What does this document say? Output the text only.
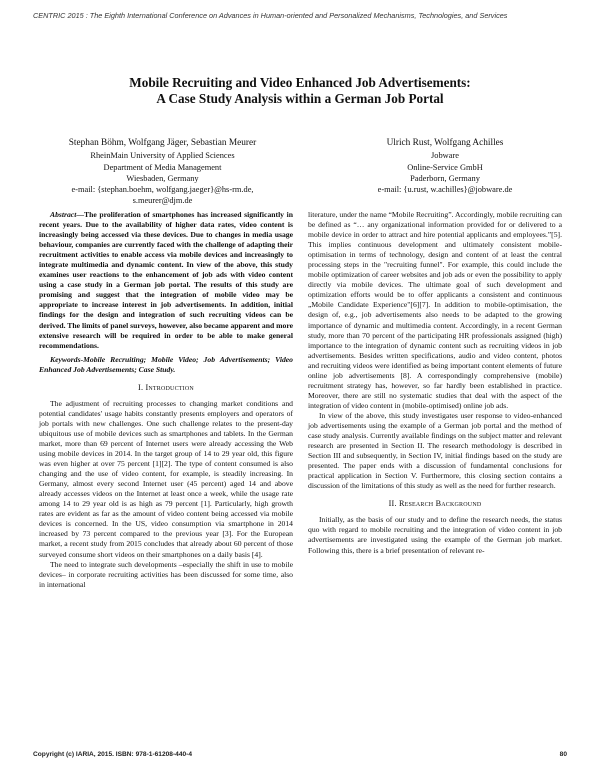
CENTRIC 2015 : The Eighth International Conference on Advances in Human-oriented and Personalized Mechanisms, Technologies, and Services
Mobile Recruiting and Video Enhanced Job Advertisements:
A Case Study Analysis within a German Job Portal
Stephan Böhm, Wolfgang Jäger, Sebastian Meurer
RheinMain University of Applied Sciences
Department of Media Management
Wiesbaden, Germany
e-mail: {stephan.boehm, wolfgang.jaeger}@hs-rm.de,
s.meurer@djm.de
Ulrich Rust, Wolfgang Achilles
Jobware
Online-Service GmbH
Paderborn, Germany
e-mail: {u.rust, w.achilles}@jobware.de

Abstract—The proliferation of smartphones has increased significantly in recent years. Due to the availability of higher data rates, video content is increasingly being accessed via these devices. Due to changes in media usage behaviour, companies are currently faced with the challenge of adapting their recruitment activities to enable access via mobile devices and increasingly to integrate multimedia and dynamic content. In view of the above, this study examines user reactions to the enhancement of job ads with video content using a case study in a German job portal. The results of this study are promising and suggest that the integration of mobile video may be appropriate to increase interest in job advertisements. In addition, initial findings for the design and integration of such recruiting videos can be derived. The limits of panel surveys, however, also became apparent and more extensive research will be required in order to be able to make general recommendations.

Keywords-Mobile Recruiting; Mobile Video; Job Advertisements; Video Enhanced Job Advertisements; Case Study.

I. Introduction

The adjustment of recruiting processes to changing market conditions and potential candidates' usage habits constantly presents employers and operators of job portals with new challenges. One such challenge relates to the present-day ubiquitous use of mobile devices such as smartphones and tablets. In the German market, more than 69 percent of Internet users were already accessing the Web using mobile devices in 2014. In the target group of 14 to 29 year old, this figure was even higher at over 75 percent [1][2]. The type of content consumed is also changing and the use of video content, for example, is steadily increasing. In Germany, almost every second Internet user (45 percent) aged 14 and above already accesses videos on the Internet at least once a week, while the usage rate among 14 to 29 year old is as high as 79 percent [1]. Particularly, high growth rates are evident as far as the amount of video content being accessed via mobile devices is concerned. In the US, video consumption via smartphone in 2014 increased by 73 percent compared to the previous year [3]. For the European market, a recent study from 2015 concludes that already about 60 percent of those surveyed consume short videos on their smartphones on a daily basis [4].

The need to integrate such developments –especially the shift in use to mobile devices– in corporate recruiting activities has been discussed for some time, also in international

literature, under the name “Mobile Recruiting”. Accordingly, mobile recruiting can be defined as “… any organizational information provided for or delivered to a mobile device in order to attract and hire potential applicants and employees.”[5]. This implies continuous development and ultimately consistent mobile-optimisation in terms of technology, design and content of at least the central processing steps in the "recruiting funnel". For example, this could include the mobile optimization of career websites and job ads or even the possibility to apply directly via mobile devices. The ultimate goal of such development and optimization efforts would be to offer applicants a consistent and continuous „Mobile Candidate Experience"[6][7]. In addition to mobile-optimisation, the design of, e.g., job advertisements also needs to be adapted to the growing importance of dynamic and multimedia content. Accordingly, in a recent German study, more than 70 percent of the participating HR professionals assigned (high) importance to the integration of dynamic content such as recruiting videos in job advertisements. Besides written specifications, audio and video content, photos and recruiting videos were identified as being important content elements of future online job advertisements [8]. A correspondingly comprehensive (mobile) recruitment strategy has, however, so far hardly been established in practice. Moreover, there are still no systematic studies that deal with the aspect of the integration of video content in (mobile-optimised) online job ads.

In view of the above, this study investigates user response to video-enhanced job advertisements using the example of a German job portal and the method of case study analysis. Currently available findings on the subject matter and relevant research are presented in Section II. The research methodology is described in Section III and subsequently, in Section IV, initial findings based on the study are presented. The paper ends with a discussion of fundamental conclusions for practical application in Section V. Furthermore, this closing section contains a discussion of the limitations of this study as well as the need for further research.

II. Research Background

Initially, as the basis of our study and to define the research needs, the status quo with regard to mobile recruiting and the integration of video content in job advertisements are investigated using the example of the German job market. Following this, there is a brief presentation of relevant re-

Copyright (c) IARIA, 2015. ISBN: 978-1-61208-440-4	80
